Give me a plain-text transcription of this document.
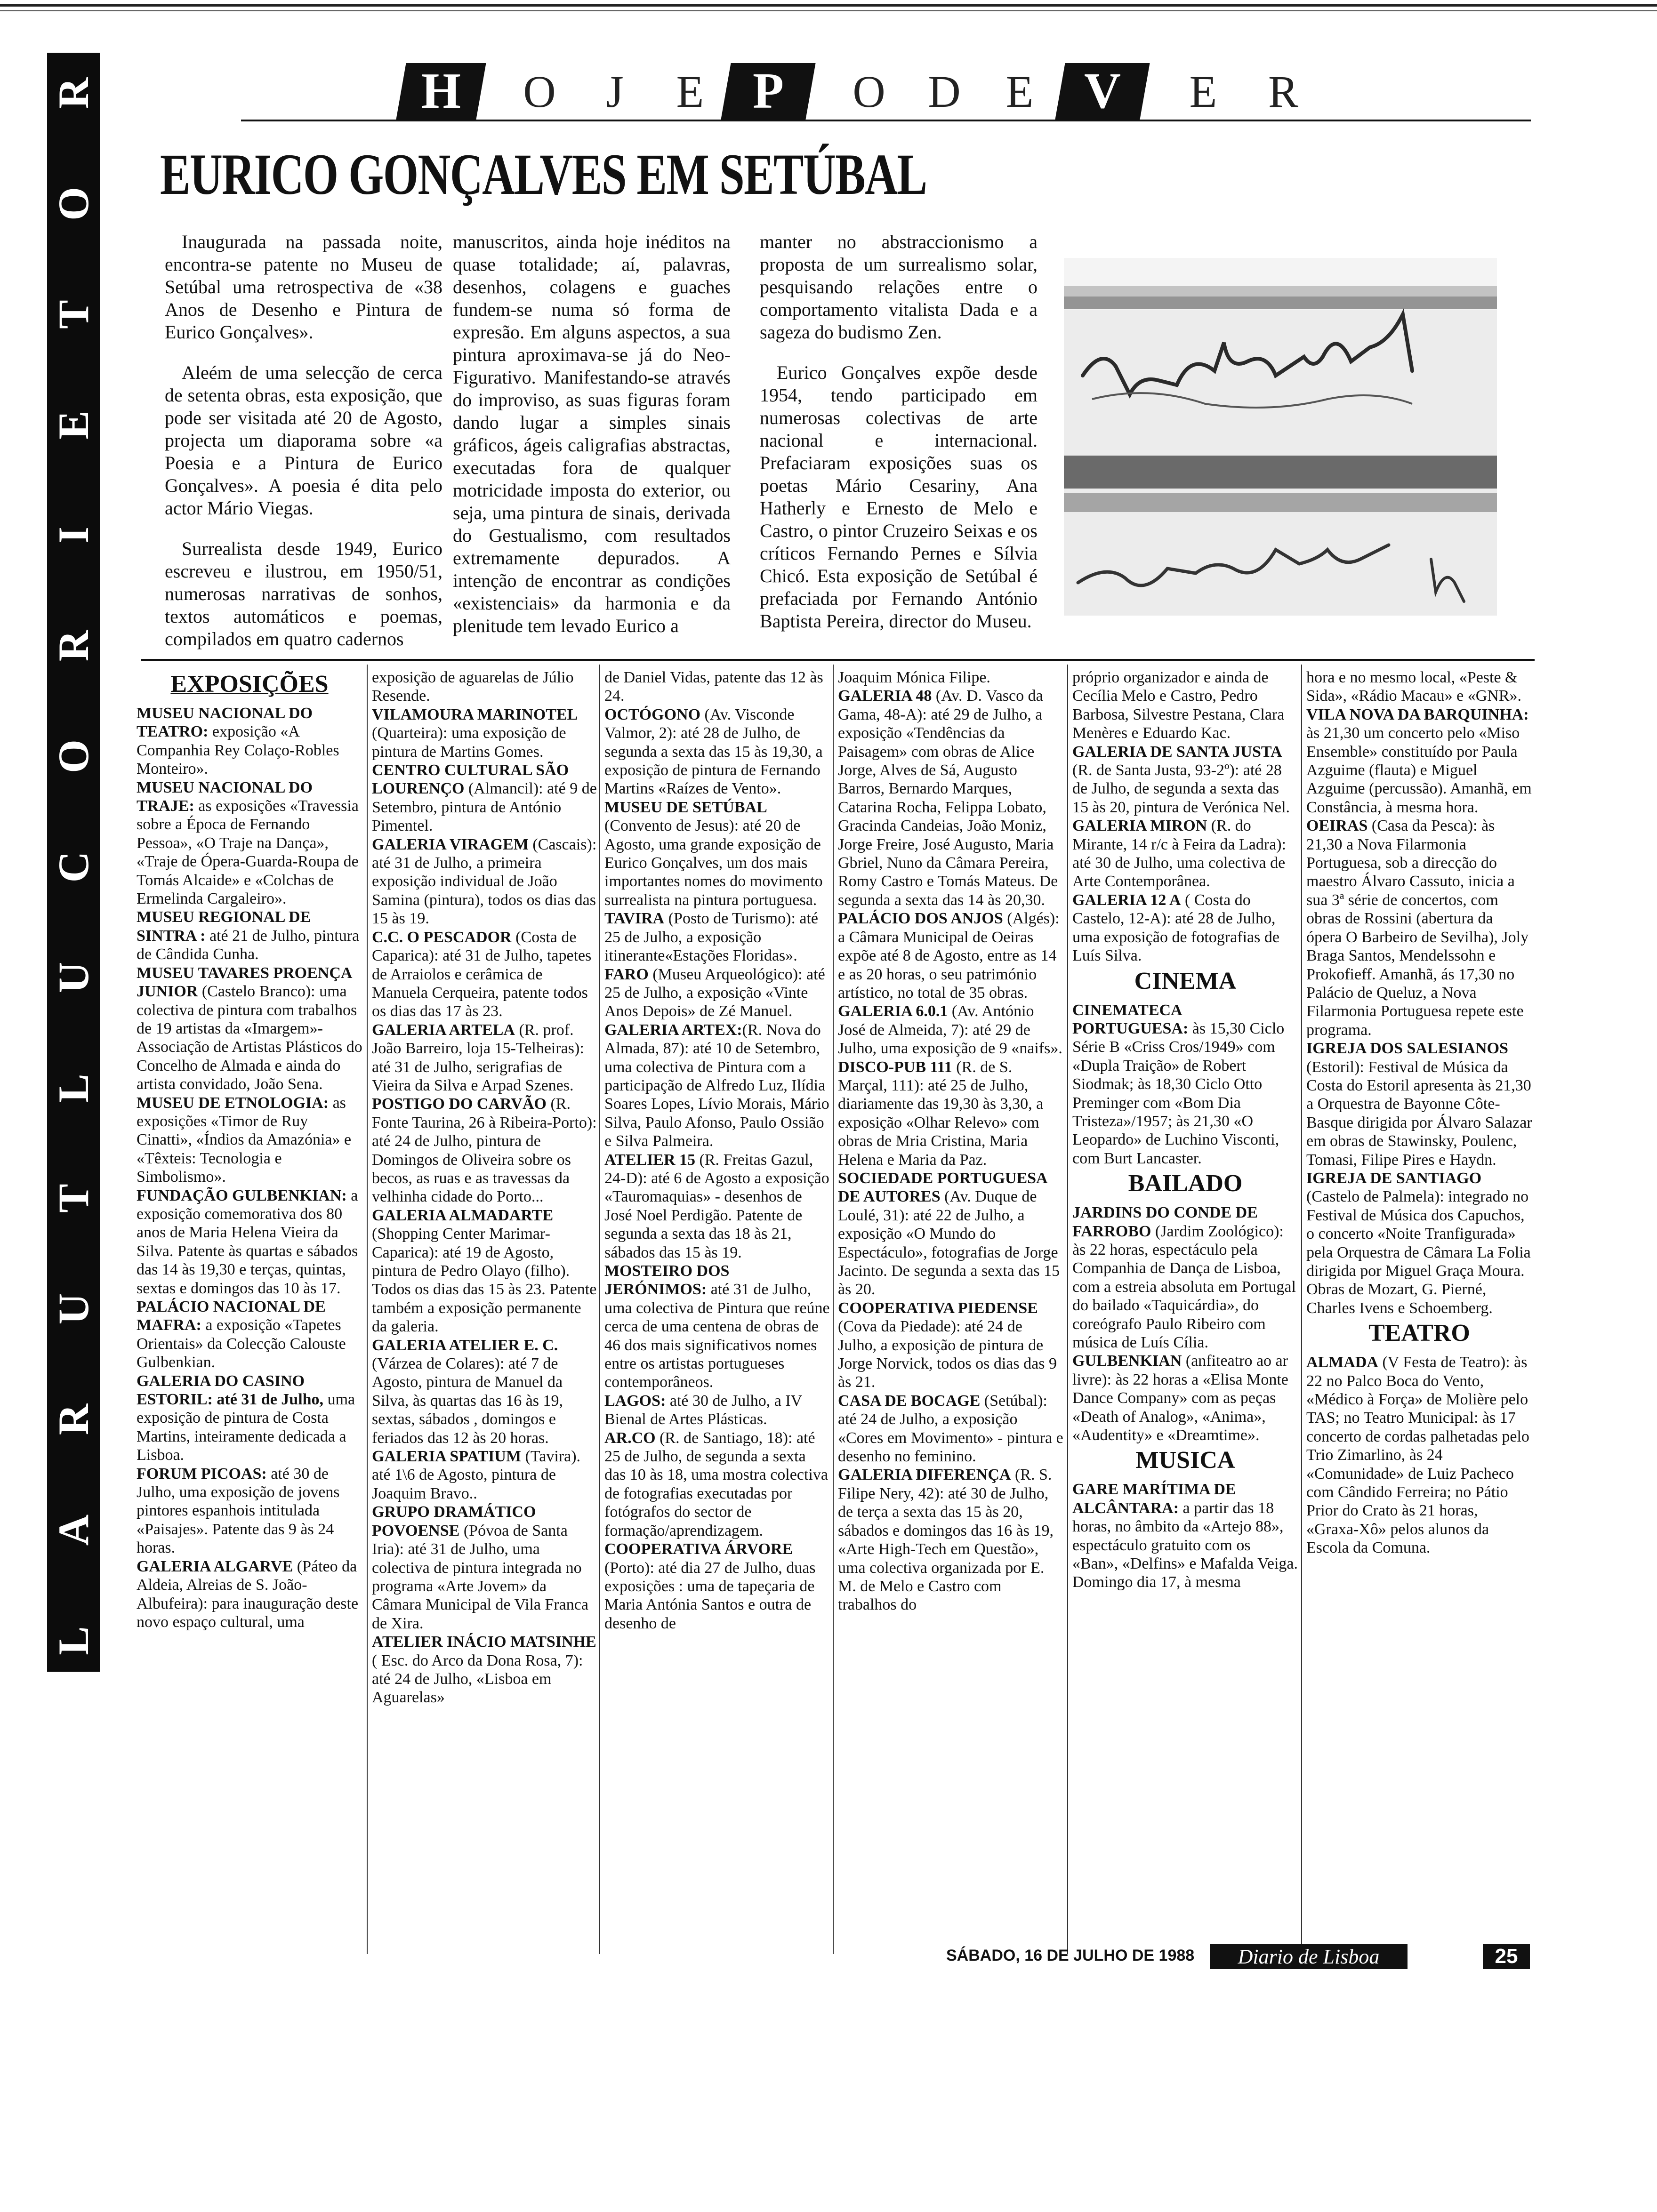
R
O
T
E
I
R
O
C
U
L
T
U
R
A
L
H O	J	E P O D E V E R
EURICO GONÇALVES EM SETÚBAL

Inaugurada na passada noite, encontra-se patente no Museu de Setúbal uma retrospectiva de «38 Anos de Desenho e Pintura de Eurico Gonçalves».

Aleém de uma selecção de cerca de setenta obras, esta exposição, que pode ser visitada até 20 de Agosto, projecta um diaporama sobre «a Poesia e a Pintura de Eurico Gonçalves». A poesia é dita pelo actor Mário Viegas.

Surrealista desde 1949, Eurico escreveu e ilustrou, em 1950/51, numerosas narrativas de sonhos, textos automáticos e poemas, compilados em quatro cadernos

manuscritos, ainda hoje inéditos na quase totalidade; aí, palavras, desenhos, colagens e guaches fundem-se numa só forma de expresão. Em alguns aspectos, a sua pintura aproximava-se já do Neo-Figurativo. Manifestando-se através do improviso, as suas figuras foram dando lugar a simples sinais gráficos, ágeis caligrafias abstractas, executadas fora de qualquer motricidade imposta do exterior, ou seja, uma pintura de sinais, derivada do Gestualismo, com resultados extremamente depurados. A intenção de encontrar as condições «existenciais» da harmonia e da plenitude tem levado Eurico a

manter no abstraccionismo a proposta de um surrealismo solar, pesquisando relações entre o comportamento vitalista Dada e a sageza do budismo Zen.

Eurico Gonçalves expõe desde 1954, tendo participado em numerosas colectivas de arte nacional e internacional. Prefaciaram exposições suas os poetas Mário Cesariny, Ana Hatherly e Ernesto de Melo e Castro, o pintor Cruzeiro Seixas e os críticos Fernando Pernes e Sílvia Chicó. Esta exposição de Setúbal é prefaciada por Fernando António Baptista Pereira, director do Museu.

EXPOSIÇÕES
MUSEU NACIONAL DO TEATRO: exposição «A Companhia Rey Colaço-Robles Monteiro».
MUSEU NACIONAL DO TRAJE: as exposições «Travessia sobre a Época de Fernando Pessoa», «O Traje na Dança», «Traje de Ópera-Guarda-Roupa de Tomás Alcaide» e «Colchas de Ermelinda Cargaleiro».
MUSEU REGIONAL DE SINTRA : até 21 de Julho, pintura de Cândida Cunha.
MUSEU TAVARES PROENÇA JUNIOR (Castelo Branco): uma colectiva de pintura com trabalhos de 19 artistas da «Imargem»-Associação de Artistas Plásticos do Concelho de Almada e ainda do artista convidado, João Sena.
MUSEU DE ETNOLOGIA: as exposições «Timor de Ruy Cinatti», «Índios da Amazónia» e «Têxteis: Tecnologia e Simbolismo».
FUNDAÇÃO GULBENKIAN: a exposição comemorativa dos 80 anos de Maria Helena Vieira da Silva. Patente às quartas e sábados das 14 às 19,30 e terças, quintas, sextas e domingos das 10 às 17.
PALÁCIO NACIONAL DE MAFRA: a exposição «Tapetes Orientais» da Colecção Calouste Gulbenkian.
GALERIA DO CASINO ESTORIL: até 31 de Julho, uma exposição de pintura de Costa Martins, inteiramente dedicada a Lisboa.
FORUM PICOAS: até 30 de Julho, uma exposição de jovens pintores espanhois intitulada «Paisajes». Patente das 9 às 24 horas.
GALERIA ALGARVE (Páteo da Aldeia, Alreias de S. João-Albufeira): para inauguração deste novo espaço cultural, uma
exposição de aguarelas de Júlio Resende.
VILAMOURA MARINOTEL (Quarteira): uma exposição de pintura de Martins Gomes.
CENTRO CULTURAL SÃO LOURENÇO (Almancil): até 9 de Setembro, pintura de António Pimentel.
GALERIA VIRAGEM (Cascais): até 31 de Julho, a primeira exposição individual de João Samina (pintura), todos os dias das 15 às 19.
C.C. O PESCADOR (Costa de Caparica): até 31 de Julho, tapetes de Arraiolos e cerâmica de Manuela Cerqueira, patente todos os dias das 17 às 23.
GALERIA ARTELA (R. prof. João Barreiro, loja 15-Telheiras): até 31 de Julho, serigrafias de Vieira da Silva e Arpad Szenes.
POSTIGO DO CARVÃO (R. Fonte Taurina, 26 à Ribeira-Porto): até 24 de Julho, pintura de Domingos de Oliveira sobre os becos, as ruas e as travessas da velhinha cidade do Porto...
GALERIA ALMADARTE (Shopping Center Marimar-Caparica): até 19 de Agosto, pintura de Pedro Olayo (filho). Todos os dias das 15 às 23. Patente também a exposição permanente da galeria.
GALERIA ATELIER E. C. (Várzea de Colares): até 7 de Agosto, pintura de Manuel da Silva, às quartas das 16 às 19, sextas, sábados , domingos e feriados das 12 às 20 horas.
GALERIA SPATIUM (Tavira). até 1\6 de Agosto, pintura de Joaquim Bravo..
GRUPO DRAMÁTICO POVOENSE (Póvoa de Santa Iria): até 31 de Julho, uma colectiva de pintura integrada no programa «Arte Jovem» da Câmara Municipal de Vila Franca de Xira.
ATELIER INÁCIO MATSINHE ( Esc. do Arco da Dona Rosa, 7): até 24 de Julho, «Lisboa em Aguarelas»
de Daniel Vidas, patente das 12 às 24.
OCTÓGONO (Av. Visconde Valmor, 2): até 28 de Julho, de segunda a sexta das 15 às 19,30, a exposição de pintura de Fernando Martins «Raízes de Vento».
MUSEU DE SETÚBAL (Convento de Jesus): até 20 de Agosto, uma grande exposição de Eurico Gonçalves, um dos mais importantes nomes do movimento surrealista na pintura portuguesa.
TAVIRA (Posto de Turismo): até 25 de Julho, a exposição itinerante«Estações Floridas».
FARO (Museu Arqueológico): até 25 de Julho, a exposição «Vinte Anos Depois» de Zé Manuel.
GALERIA ARTEX:(R. Nova do Almada, 87): até 10 de Setembro, uma colectiva de Pintura com a participação de Alfredo Luz, Ilídia Soares Lopes, Lívio Morais, Mário Silva, Paulo Afonso, Paulo Ossião e Silva Palmeira.
ATELIER 15 (R. Freitas Gazul, 24-D): até 6 de Agosto a exposição «Tauromaquias» - desenhos de José Noel Perdigão. Patente de segunda a sexta das 18 às 21, sábados das 15 às 19.
MOSTEIRO DOS JERÓNIMOS: até 31 de Julho, uma colectiva de Pintura que reúne cerca de uma centena de obras de 46 dos mais significativos nomes entre os artistas portugueses contemporâneos.
LAGOS: até 30 de Julho, a IV Bienal de Artes Plásticas.
AR.CO (R. de Santiago, 18): até 25 de Julho, de segunda a sexta das 10 às 18, uma mostra colectiva de fotografias executadas por fotógrafos do sector de formação/aprendizagem.
COOPERATIVA ÁRVORE (Porto): até dia 27 de Julho, duas exposições : uma de tapeçaria de Maria Antónia Santos e outra de desenho de
Joaquim Mónica Filipe.
GALERIA 48 (Av. D. Vasco da Gama, 48-A): até 29 de Julho, a exposição «Tendências da Paisagem» com obras de Alice Jorge, Alves de Sá, Augusto Barros, Bernardo Marques, Catarina Rocha, Felippa Lobato, Gracinda Candeias, João Moniz, Jorge Freire, José Augusto, Maria Gbriel, Nuno da Câmara Pereira, Romy Castro e Tomás Mateus. De segunda a sexta das 14 às 20,30.
PALÁCIO DOS ANJOS (Algés): a Câmara Municipal de Oeiras expõe até 8 de Agosto, entre as 14 e as 20 horas, o seu património artístico, no total de 35 obras.
GALERIA 6.0.1 (Av. António José de Almeida, 7): até 29 de Julho, uma exposição de 9 «naifs».
DISCO-PUB 111 (R. de S. Marçal, 111): até 25 de Julho, diariamente das 19,30 às 3,30, a exposição «Olhar Relevo» com obras de Mria Cristina, Maria Helena e Maria da Paz.
SOCIEDADE PORTUGUESA DE AUTORES (Av. Duque de Loulé, 31): até 22 de Julho, a exposição «O Mundo do Espectáculo», fotografias de Jorge Jacinto. De segunda a sexta das 15 às 20.
COOPERATIVA PIEDENSE (Cova da Piedade): até 24 de Julho, a exposição de pintura de Jorge Norvick, todos os dias das 9 às 21.
CASA DE BOCAGE (Setúbal): até 24 de Julho, a exposição «Cores em Movimento» - pintura e desenho no feminino.
GALERIA DIFERENÇA (R. S. Filipe Nery, 42): até 30 de Julho, de terça a sexta das 15 às 20, sábados e domingos das 16 às 19, «Arte High-Tech em Questão», uma colectiva organizada por E. M. de Melo e Castro com trabalhos do
próprio organizador e ainda de Cecília Melo e Castro, Pedro Barbosa, Silvestre Pestana, Clara Menères e Eduardo Kac.
GALERIA DE SANTA JUSTA (R. de Santa Justa, 93-2º): até 28 de Julho, de segunda a sexta das 15 às 20, pintura de Verónica Nel.
GALERIA MIRON (R. do Mirante, 14 r/c à Feira da Ladra): até 30 de Julho, uma colectiva de Arte Contemporânea.
GALERIA 12 A ( Costa do Castelo, 12-A): até 28 de Julho, uma exposição de fotografias de Luís Silva.
CINEMA
CINEMATECA PORTUGUESA: às 15,30 Ciclo Série B «Criss Cros/1949» com «Dupla Traição» de Robert Siodmak; às 18,30 Ciclo Otto Preminger com «Bom Dia Tristeza»/1957; às 21,30 «O Leopardo» de Luchino Visconti, com Burt Lancaster.
BAILADO
JARDINS DO CONDE DE FARROBO (Jardim Zoológico): às 22 horas, espectáculo pela Companhia de Dança de Lisboa, com a estreia absoluta em Portugal do bailado «Taquicárdia», do coreógrafo Paulo Ribeiro com música de Luís Cília.
GULBENKIAN (anfiteatro ao ar livre): às 22 horas a «Elisa Monte Dance Company» com as peças «Death of Analog», «Anima», «Audentity» e «Dreamtime».
MUSICA
GARE MARÍTIMA DE ALCÂNTARA: a partir das 18 horas, no âmbito da «Artejo 88», espectáculo gratuito com os «Ban», «Delfins» e Mafalda Veiga. Domingo dia 17, à mesma
hora e no mesmo local, «Peste & Sida», «Rádio Macau» e «GNR».
VILA NOVA DA BARQUINHA: às 21,30 um concerto pelo «Miso Ensemble» constituído por Paula Azguime (flauta) e Miguel Azguime (percussão). Amanhã, em Constância, à mesma hora.
OEIRAS (Casa da Pesca): às 21,30 a Nova Filarmonia Portuguesa, sob a direcção do maestro Álvaro Cassuto, inicia a sua 3ª série de concertos, com obras de Rossini (abertura da ópera O Barbeiro de Sevilha), Joly Braga Santos, Mendelssohn e Prokofieff. Amanhã, ás 17,30 no Palácio de Queluz, a Nova Filarmonia Portuguesa repete este programa.
IGREJA DOS SALESIANOS (Estoril): Festival de Música da Costa do Estoril apresenta às 21,30 a Orquestra de Bayonne Côte-Basque dirigida por Álvaro Salazar em obras de Stawinsky, Poulenc, Tomasi, Filipe Pires e Haydn.
IGREJA DE SANTIAGO (Castelo de Palmela): integrado no Festival de Música dos Capuchos, o concerto «Noite Tranfigurada» pela Orquestra de Câmara La Folia dirigida por Miguel Graça Moura. Obras de Mozart, G. Pierné, Charles Ivens e Schoemberg.
TEATRO
ALMADA (V Festa de Teatro): às 22 no Palco Boca do Vento, «Médico à Força» de Molière pelo TAS; no Teatro Municipal: às 17 concerto de cordas palhetadas pelo Trio Zimarlino, às 24 «Comunidade» de Luiz Pacheco com Cândido Ferreira; no Pátio Prior do Crato às 21 horas, «Graxa-Xô» pelos alunos da Escola da Comuna.
SÁBADO, 16 DE JULHO DE 1988	Diario de Lisboa	25
